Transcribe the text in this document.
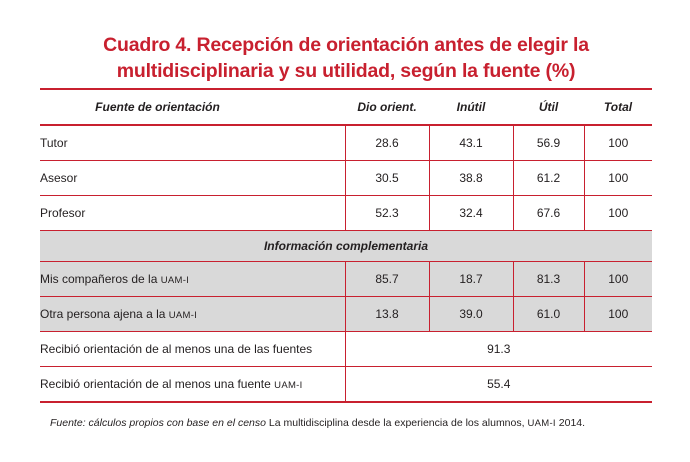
Cuadro 4. Recepción de orientación antes de elegir la
multidisciplinaria y su utilidad, según la fuente (%)
Fuente de orientación	Dio orient.	Inútil	Útil	Total
Tutor	28.6	43.1	56.9	100
Asesor	30.5	38.8	61.2	100
Profesor	52.3	32.4	67.6	100
Información complementaria				
Mis compañeros de la UAM-I	85.7	18.7	81.3	100
Otra persona ajena a la UAM-I	13.8	39.0	61.0	100
Recibió orientación de al menos una de las fuentes	91.3			
Recibió orientación de al menos una fuente UAM-I	55.4			
Fuente: cálculos propios con base en el censo La multidisciplina desde la experiencia de los alumnos, UAM-I 2014.
